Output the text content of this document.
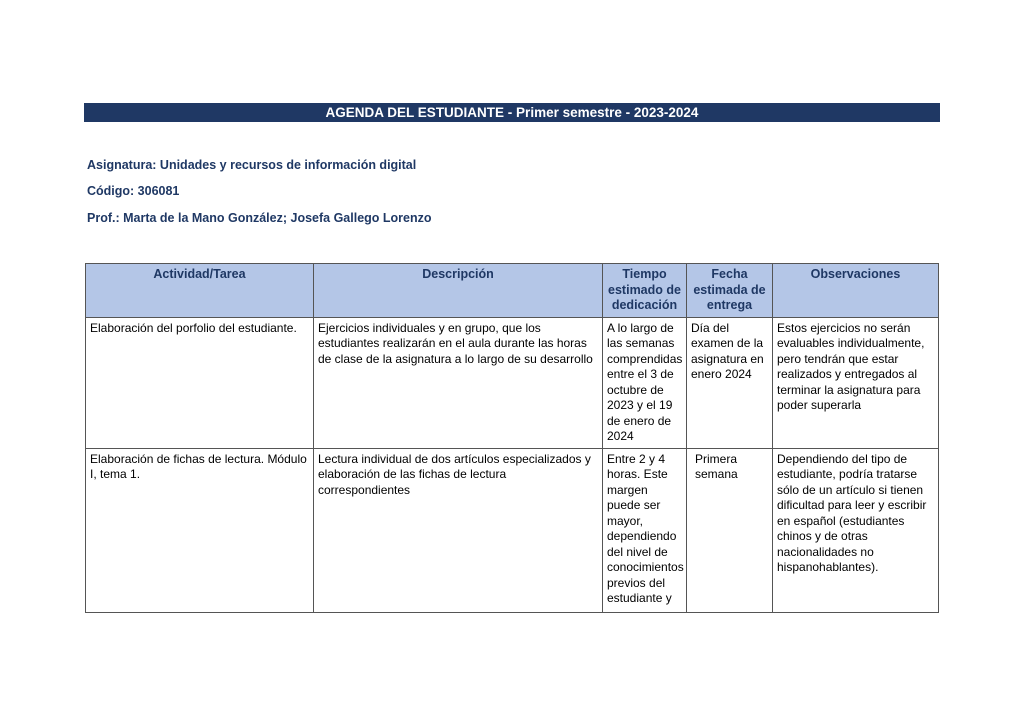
AGENDA DEL ESTUDIANTE - Primer semestre - 2023-2024
Asignatura: Unidades y recursos de información digital
Código: 306081
Prof.: Marta de la Mano González; Josefa Gallego Lorenzo
Actividad/Tarea	Descripción	Tiempo estimado de dedicación	Fecha estimada de entrega	Observaciones
Elaboración del porfolio del estudiante.	Ejercicios individuales y en grupo, que los estudiantes realizarán en el aula durante las horas de clase de la asignatura a lo largo de su desarrollo	A lo largo de las semanas comprendidas entre el 3 de octubre de 2023 y el 19 de enero de 2024	Día del examen de la asignatura en enero 2024	Estos ejercicios no serán evaluables individualmente, pero tendrán que estar realizados y entregados al terminar la asignatura para poder superarla
Elaboración de fichas de lectura. Módulo I, tema 1.	Lectura individual de dos artículos especializados y elaboración de las fichas de lectura correspondientes	Entre 2 y 4 horas. Este margen puede ser mayor, dependiendo del nivel de conocimientos previos del estudiante y	Primera semana	Dependiendo del tipo de estudiante, podría tratarse sólo de un artículo si tienen dificultad para leer y escribir en español (estudiantes chinos y de otras nacionalidades no hispanohablantes).
